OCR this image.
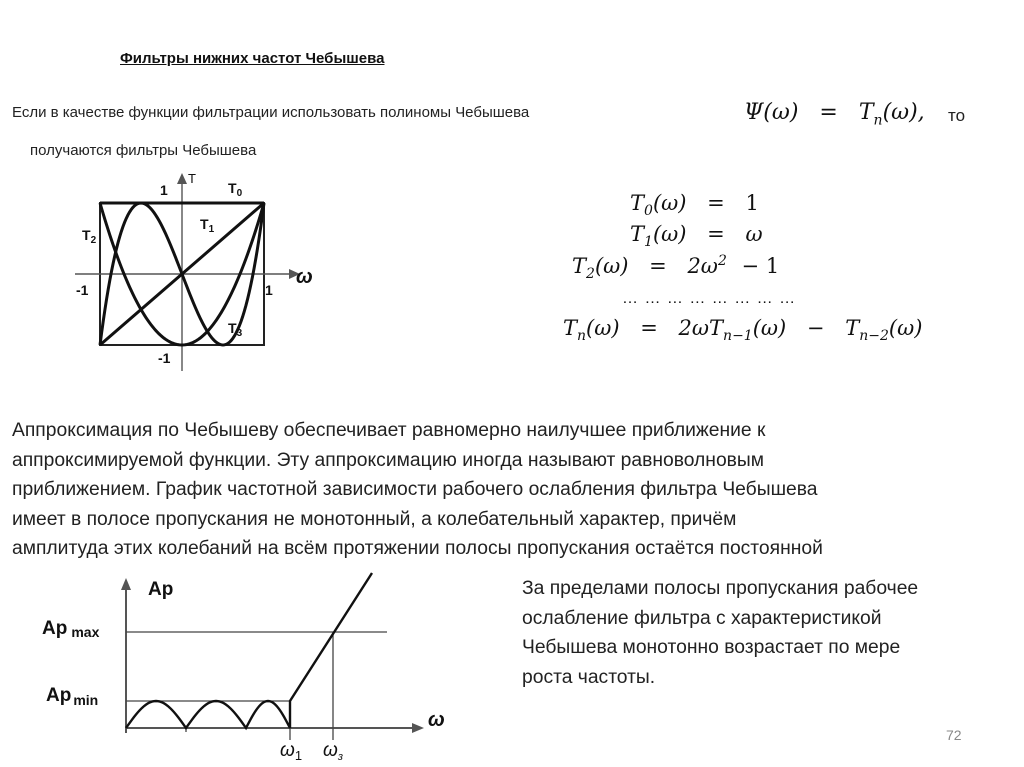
Фильтры нижних частот Чебышева
Если в качестве функции фильтрации использовать полиномы Чебышева	$\Psi(\omega) = T_n(\omega)$, то
получаются фильтры Чебышева
1
T
-1
-1	1
ω
$T_0$
$T_1$
$T_2$
$T_3$
$T_0(\omega) = 1$
$T_1(\omega) = \omega$
$T_2(\omega) = 2\omega^2 - 1$
… … … … … … … …
$T_n(\omega) = 2\omega T_{n-1}(\omega) - T_{n-2}(\omega)$
Аппроксимация по Чебышеву обеспечивает равномерно наилучшее приближение к
аппроксимируемой функции. Эту аппроксимацию иногда называют равноволновым
приближением. График частотной зависимости рабочего ослабления фильтра Чебышева
имеет в полосе пропускания не монотонный, а колебательный характер, причём
амплитуда этих колебаний на всём протяжении полосы пропускания остаётся постоянной
Ap
Ap max
Ap $_{min}$
ω
$\omega_1$ $\omega_з$
За пределами полосы пропускания рабочее
ослабление фильтра с характеристикой
Чебышева монотонно возрастает по мере
роста частоты.
72
